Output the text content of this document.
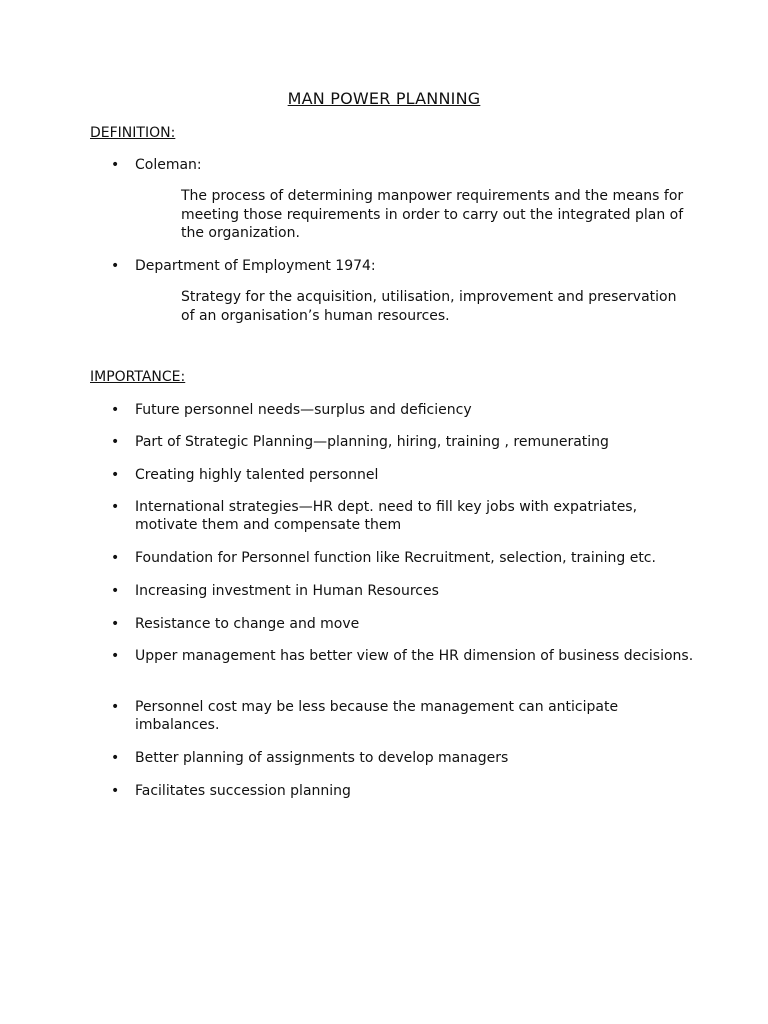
MAN POWER PLANNING
DEFINITION:
• Coleman:
The process of determining manpower requirements and the means for meeting those requirements in order to carry out the integrated plan of the organization.
• Department of Employment 1974:
Strategy for the acquisition, utilisation, improvement and preservation of an organisation’s human resources.
IMPORTANCE:
• Future personnel needs—surplus and deficiency
• Part of Strategic Planning—planning, hiring, training , remunerating
• Creating highly talented personnel
• International strategies—HR dept. need to fill key jobs with expatriates, motivate them and compensate them
• Foundation for Personnel function like Recruitment, selection, training etc.
• Increasing investment in Human Resources
• Resistance to change and move
• Upper management has better view of the HR dimension of business decisions.
• Personnel cost may be less because the management can anticipate imbalances.
• Better planning of assignments to develop managers
• Facilitates succession planning
